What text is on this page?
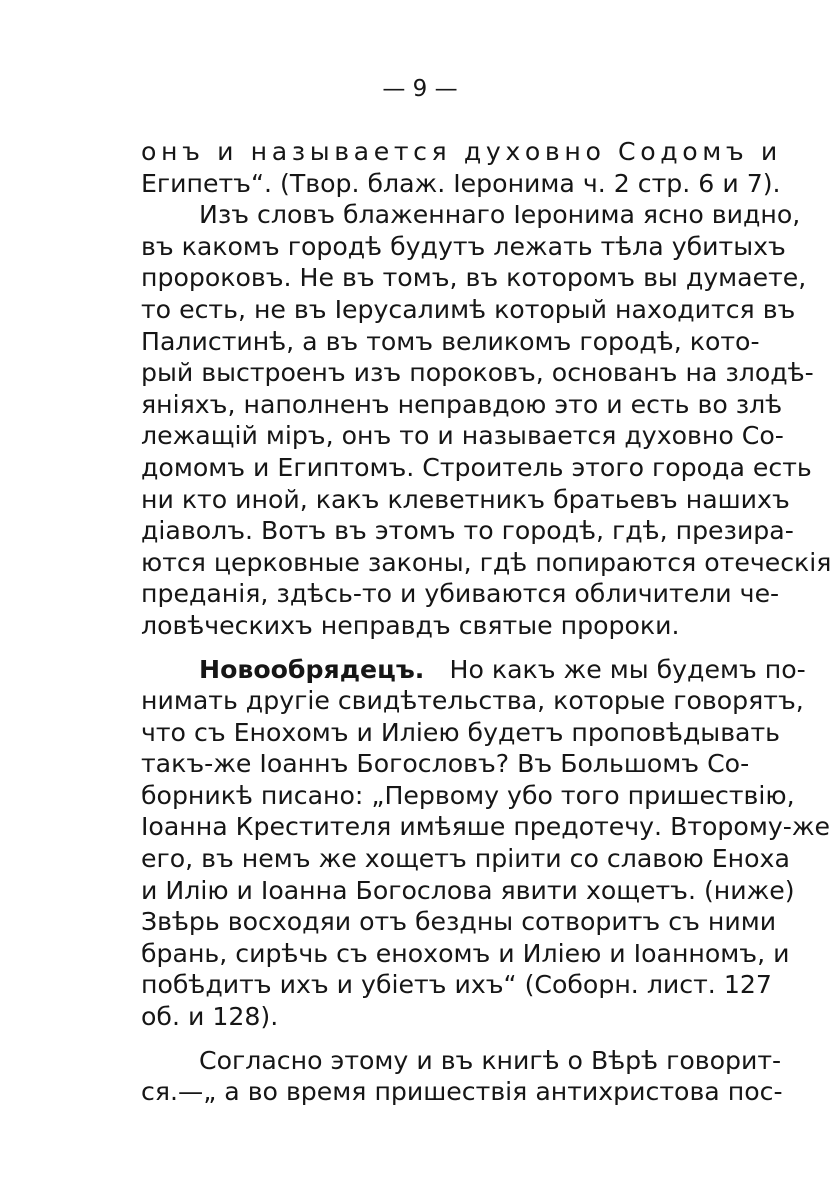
— 9 —
онъ и называется духовно Содомъ и
Египетъ“. (Твор. блаж. Іеронима ч. 2 стр. 6 и 7).
Изъ словъ блаженнаго Іеронима ясно видно,
въ какомъ городѣ будутъ лежать тѣла убитыхъ
пророковъ. Не въ томъ, въ которомъ вы думаете,
то есть, не въ Іерусалимѣ который находится въ
Палистинѣ, а въ томъ великомъ городѣ, кото-
рый выстроенъ изъ пороковъ, основанъ на злодѣ-
яніяхъ, наполненъ неправдою это и есть во злѣ
лежащій міръ, онъ то и называется духовно Со-
домомъ и Египтомъ. Строитель этого города есть
ни кто иной, какъ клеветникъ братьевъ нашихъ
діаволъ. Вотъ въ этомъ то городѣ, гдѣ, презира-
ются церковные законы, гдѣ попираются отеческія
преданія, здѣсь-то и убиваются обличители че-
ловѣческихъ неправдъ святые пророки.
Новообрядецъ.  Но какъ же мы будемъ по-
нимать другіе свидѣтельства, которые говорятъ,
что съ Енохомъ и Иліею будетъ проповѣдывать
такъ-же Іоаннъ Богословъ? Въ Большомъ Со-
борникѣ писано: „Первому убо того пришествію,
Іоанна Крестителя имѣяше предотечу. Второму-же
его, въ немъ же хощетъ пріити со славою Еноха
и Илію и Іоанна Богослова явити хощетъ. (ниже)
Звѣрь восходяи отъ бездны сотворитъ съ ними
брань, сирѣчь съ енохомъ и Иліею и Іоанномъ, и
побѣдитъ ихъ и убіетъ ихъ“ (Соборн. лист. 127
об. и 128).
Согласно этому и въ книгѣ о Вѣрѣ говорит-
ся.—„ а во время пришествія антихристова пос-
